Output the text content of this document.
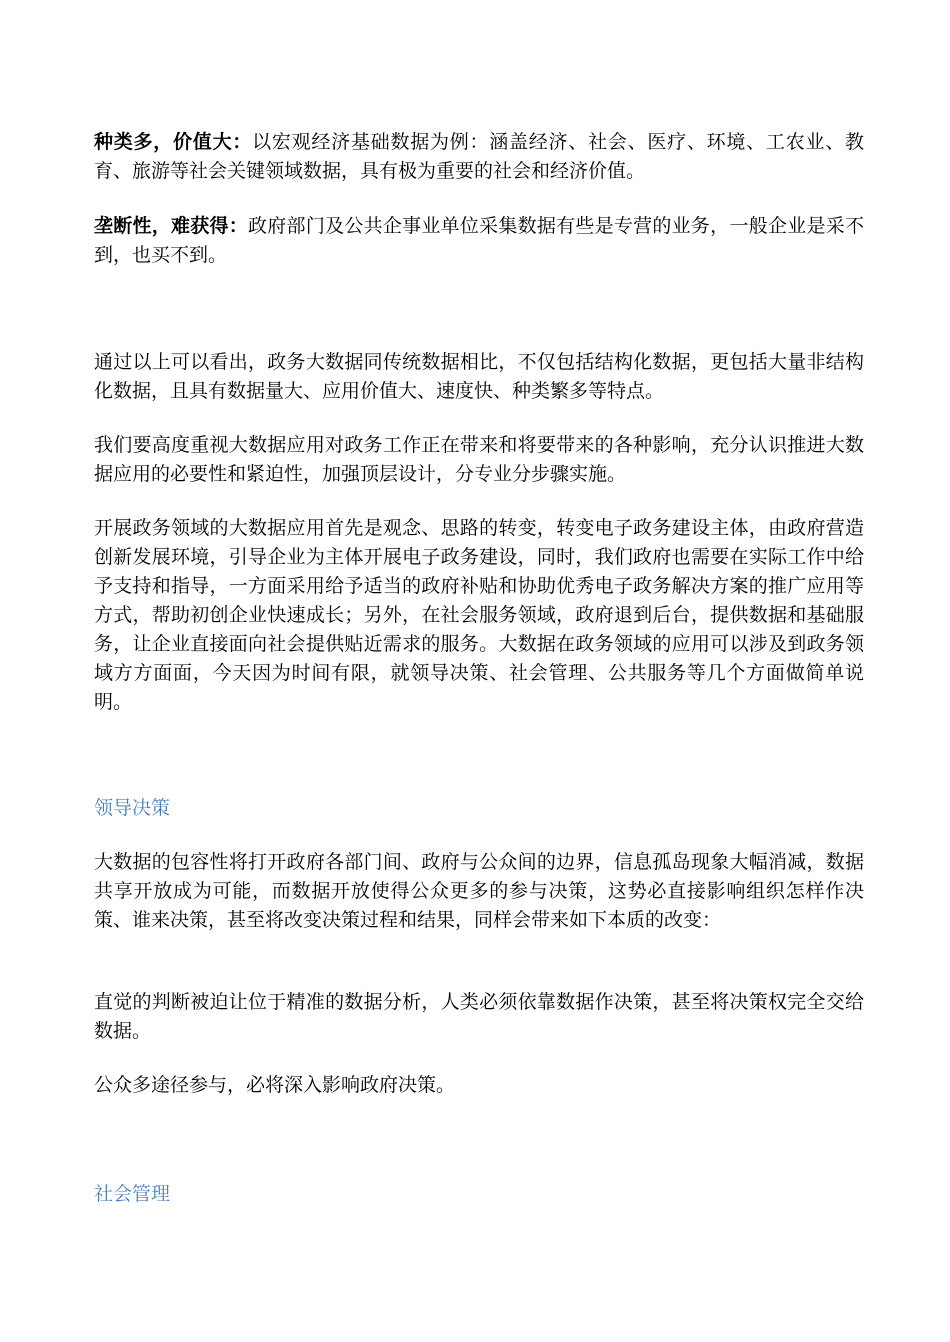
种类多，价值大：以宏观经济基础数据为例：涵盖经济、社会、医疗、环境、工农业、教育、旅游等社会关键领域数据，具有极为重要的社会和经济价值。

垄断性，难获得：政府部门及公共企事业单位采集数据有些是专营的业务，一般企业是采不到，也买不到。

通过以上可以看出，政务大数据同传统数据相比，不仅包括结构化数据，更包括大量非结构化数据，且具有数据量大、应用价值大、速度快、种类繁多等特点。

我们要高度重视大数据应用对政务工作正在带来和将要带来的各种影响，充分认识推进大数据应用的必要性和紧迫性，加强顶层设计，分专业分步骤实施。

开展政务领域的大数据应用首先是观念、思路的转变，转变电子政务建设主体，由政府营造创新发展环境，引导企业为主体开展电子政务建设，同时，我们政府也需要在实际工作中给予支持和指导，一方面采用给予适当的政府补贴和协助优秀电子政务解决方案的推广应用等方式，帮助初创企业快速成长；另外，在社会服务领域，政府退到后台，提供数据和基础服务，让企业直接面向社会提供贴近需求的服务。大数据在政务领域的应用可以涉及到政务领域方方面面，今天因为时间有限，就领导决策、社会管理、公共服务等几个方面做简单说明。

领导决策

大数据的包容性将打开政府各部门间、政府与公众间的边界，信息孤岛现象大幅消减，数据共享开放成为可能，而数据开放使得公众更多的参与决策，这势必直接影响组织怎样作决策、谁来决策，甚至将改变决策过程和结果，同样会带来如下本质的改变：

直觉的判断被迫让位于精准的数据分析，人类必须依靠数据作决策，甚至将决策权完全交给数据。

公众多途径参与，必将深入影响政府决策。

社会管理
